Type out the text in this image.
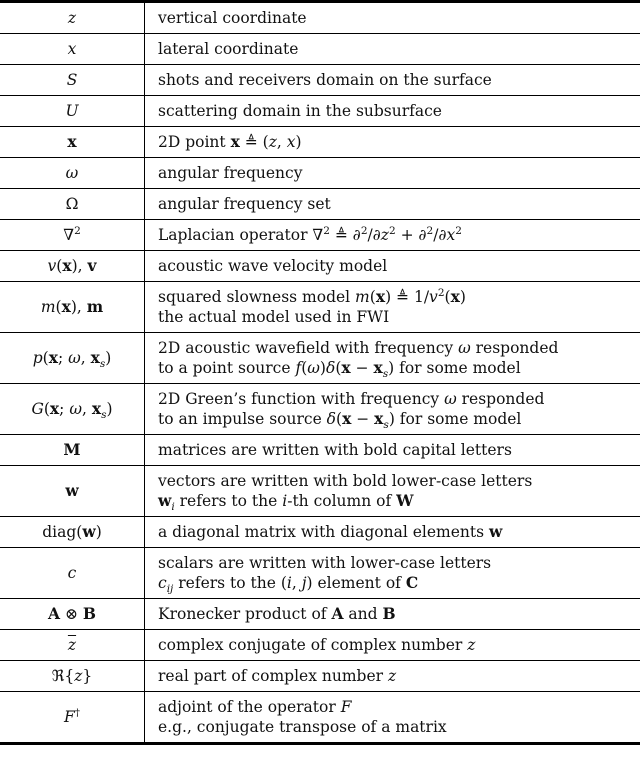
z	vertical coordinate

x	lateral coordinate

S	shots and receivers domain on the surface

U	scattering domain in the subsurface

x	2D point x ≜ (z, x)

ω	angular frequency

Ω	angular frequency set

∇$^2$	Laplacian operator ∇$^2$ ≜ $\partial^2/\partial z^2 + \partial^2/\partial x^2$

v(x), v	acoustic wave velocity model

m(x), m	squared slowness model m(x) ≜ $1/v^2(x)$
the actual model used in FWI

p(x; ω, $x_s$)	2D acoustic wavefield with frequency ω responded
to a point source $f(\omega)\delta(x - x_s)$ for some model

G(x; ω, $x_s$)	2D Green’s function with frequency ω responded
to an impulse source $\delta(x - x_s)$ for some model

M	matrices are written with bold capital letters

w	vectors are written with bold lower-case letters
$w_i$ refers to the i-th column of W

diag(w)	a diagonal matrix with diagonal elements w

c	scalars are written with lower-case letters
$c_{ij}$ refers to the (i, j) element of C

A ⊗ B	Kronecker product of A and B

$\overline{z}$	complex conjugate of complex number z

ℜ{z}	real part of complex number z

F†	adjoint of the operator F
e.g., conjugate transpose of a matrix
